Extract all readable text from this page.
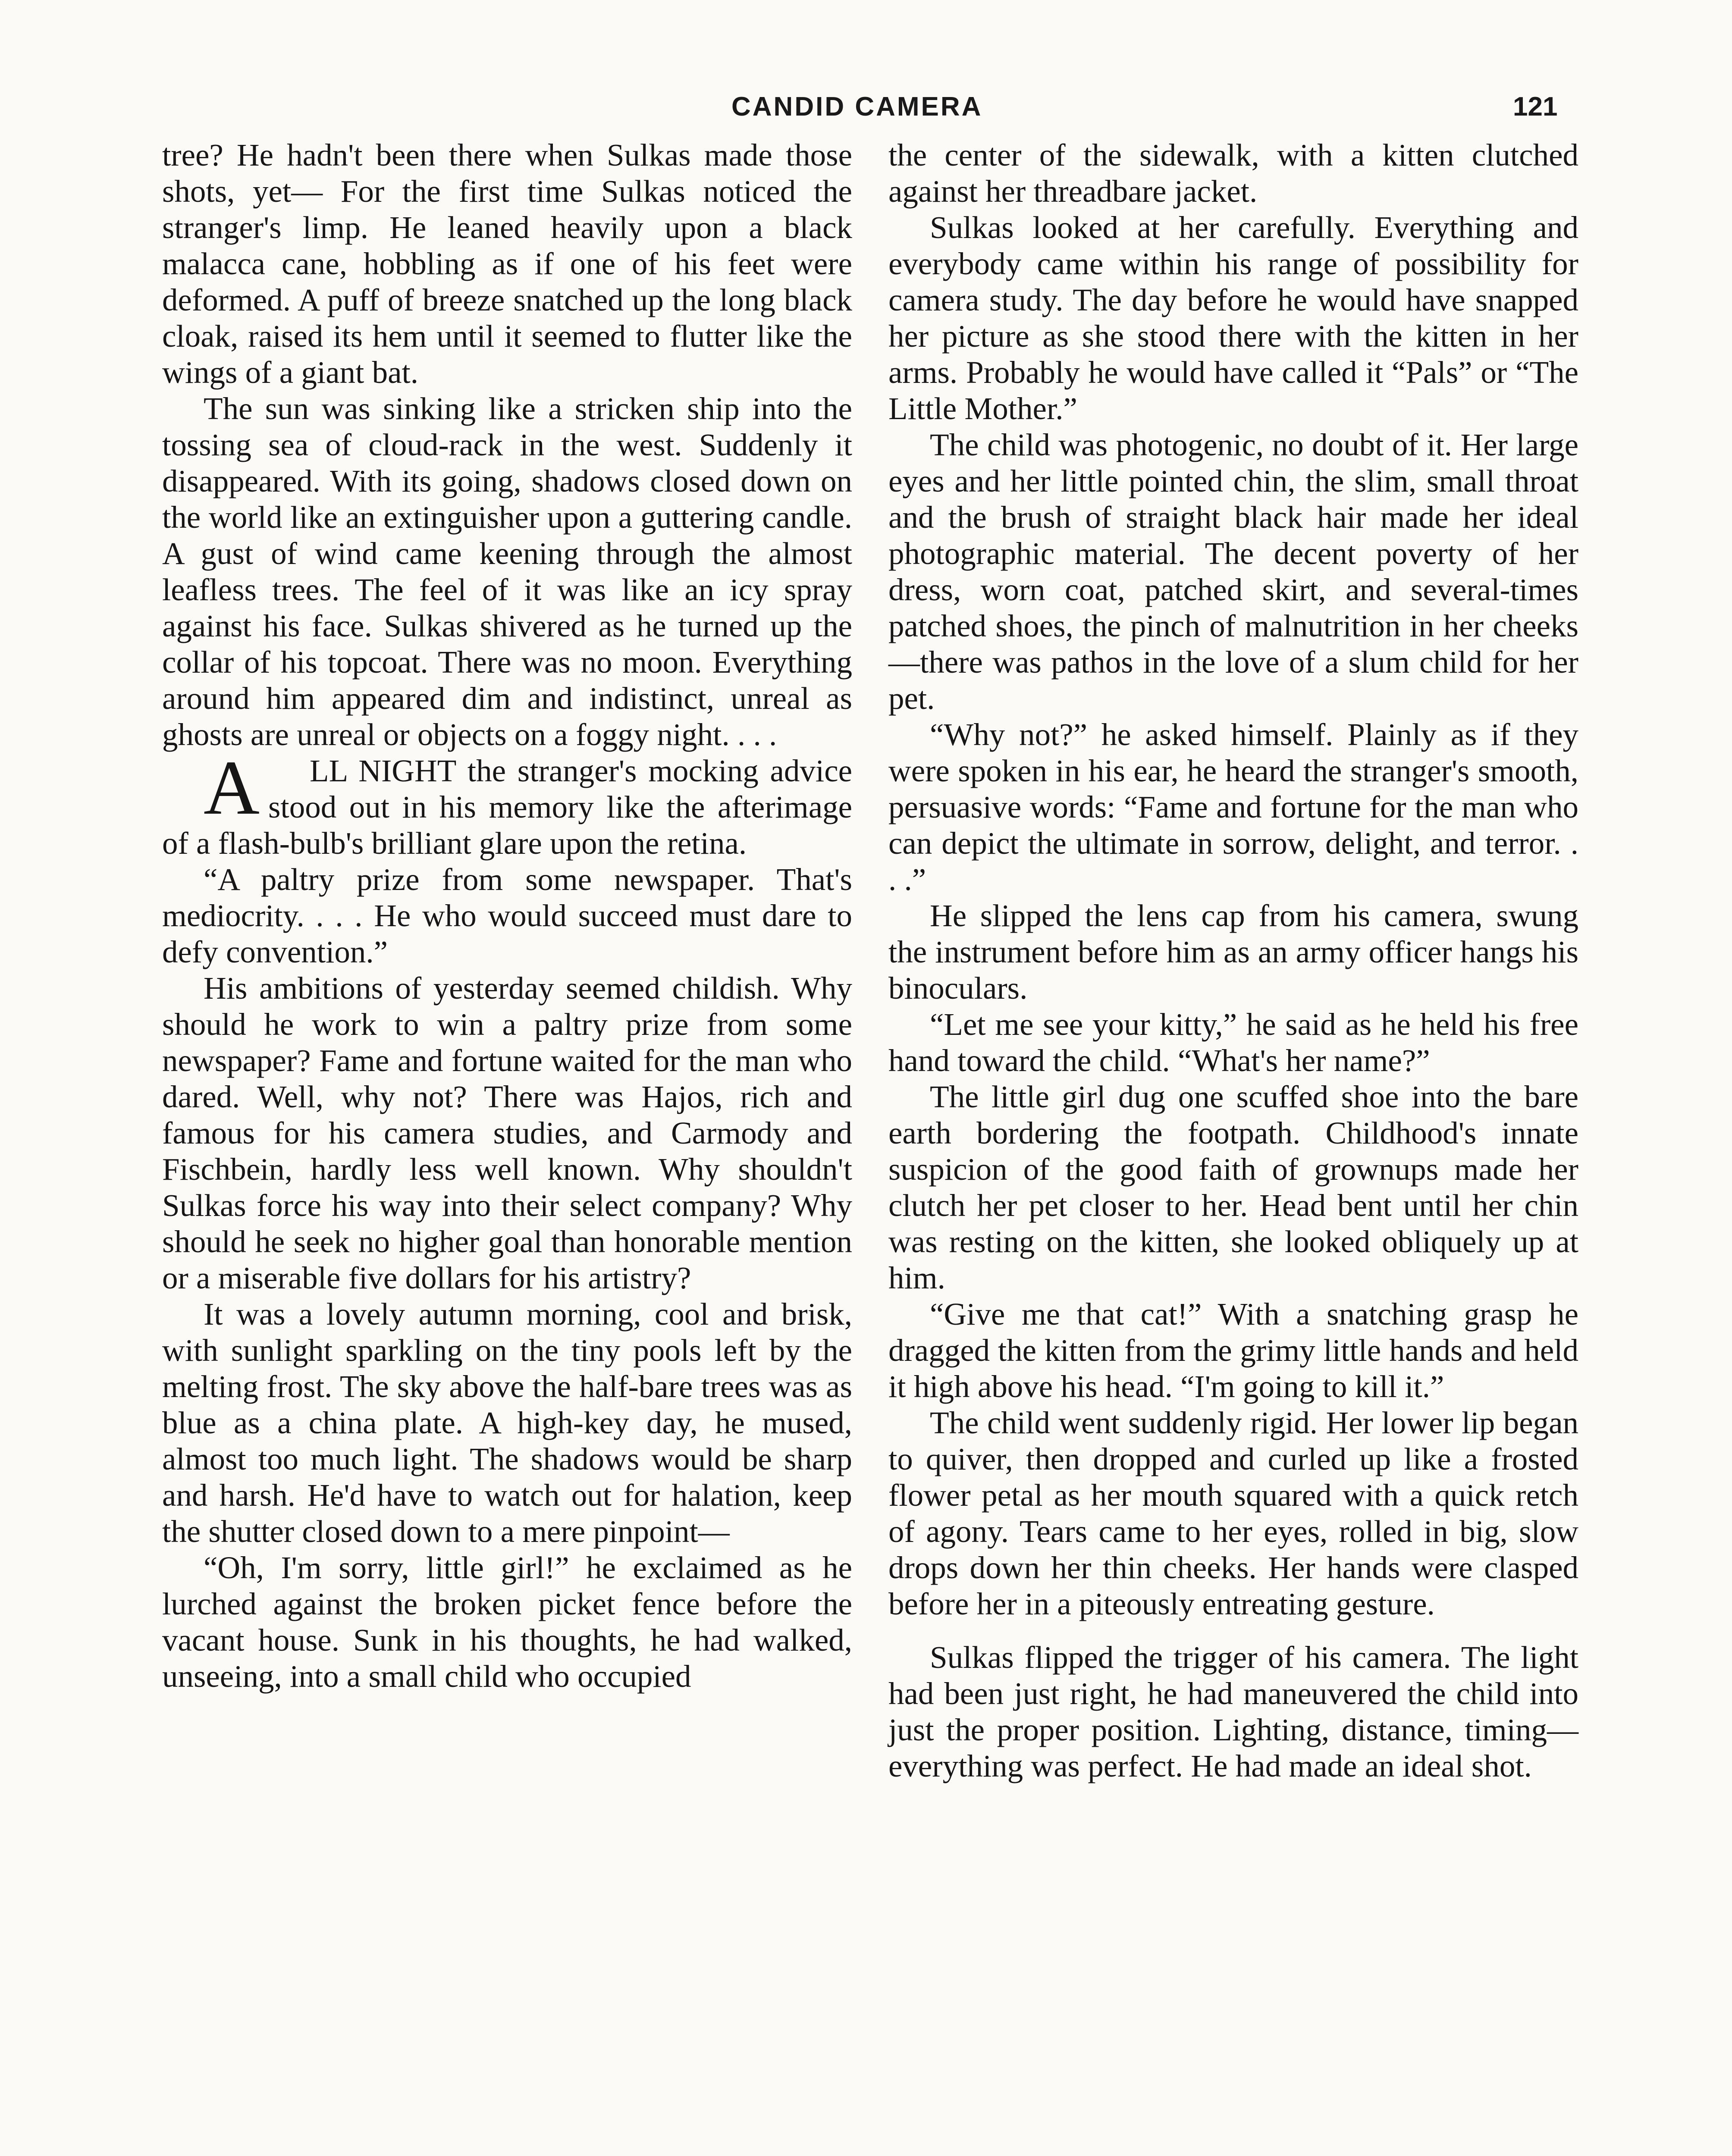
CANDID CAMERA	121

tree? He hadn't been there when Sulkas made those shots, yet— For the first time Sulkas noticed the stranger's limp. He leaned heavily upon a black malacca cane, hobbling as if one of his feet were deformed. A puff of breeze snatched up the long black cloak, raised its hem until it seemed to flutter like the wings of a giant bat.

The sun was sinking like a stricken ship into the tossing sea of cloud-rack in the west. Suddenly it disappeared. With its going, shadows closed down on the world like an extinguisher upon a guttering candle. A gust of wind came keening through the almost leafless trees. The feel of it was like an icy spray against his face. Sulkas shivered as he turned up the collar of his topcoat. There was no moon. Everything around him appeared dim and indistinct, unreal as ghosts are unreal or objects on a foggy night. . . .

A LL NIGHT the stranger's mocking advice stood out in his memory like the afterimage of a flash-bulb's brilliant glare upon the retina.

“A paltry prize from some newspaper. That's mediocrity. . . . He who would succeed must dare to defy convention.”

His ambitions of yesterday seemed childish. Why should he work to win a paltry prize from some newspaper? Fame and fortune waited for the man who dared. Well, why not? There was Hajos, rich and famous for his camera studies, and Carmody and Fischbein, hardly less well known. Why shouldn't Sulkas force his way into their select company? Why should he seek no higher goal than honorable mention or a miserable five dollars for his artistry?

It was a lovely autumn morning, cool and brisk, with sunlight sparkling on the tiny pools left by the melting frost. The sky above the half-bare trees was as blue as a china plate. A high-key day, he mused, almost too much light. The shadows would be sharp and harsh. He'd have to watch out for halation, keep the shutter closed down to a mere pinpoint—

“Oh, I'm sorry, little girl!” he exclaimed as he lurched against the broken picket fence before the vacant house. Sunk in his thoughts, he had walked, unseeing, into a small child who occupied

the center of the sidewalk, with a kitten clutched against her threadbare jacket.

Sulkas looked at her carefully. Everything and everybody came within his range of possibility for camera study. The day before he would have snapped her picture as she stood there with the kitten in her arms. Probably he would have called it “Pals” or “The Little Mother.”

The child was photogenic, no doubt of it. Her large eyes and her little pointed chin, the slim, small throat and the brush of straight black hair made her ideal photographic material. The decent poverty of her dress, worn coat, patched skirt, and several-times patched shoes, the pinch of malnutrition in her cheeks —there was pathos in the love of a slum child for her pet.

“Why not?” he asked himself. Plainly as if they were spoken in his ear, he heard the stranger's smooth, persuasive words: “Fame and fortune for the man who can depict the ultimate in sorrow, delight, and terror. . . .”

He slipped the lens cap from his camera, swung the instrument before him as an army officer hangs his binoculars.

“Let me see your kitty,” he said as he held his free hand toward the child. “What's her name?”

The little girl dug one scuffed shoe into the bare earth bordering the footpath. Childhood's innate suspicion of the good faith of grownups made her clutch her pet closer to her. Head bent until her chin was resting on the kitten, she looked obliquely up at him.

“Give me that cat!” With a snatching grasp he dragged the kitten from the grimy little hands and held it high above his head. “I'm going to kill it.”

The child went suddenly rigid. Her lower lip began to quiver, then dropped and curled up like a frosted flower petal as her mouth squared with a quick retch of agony. Tears came to her eyes, rolled in big, slow drops down her thin cheeks. Her hands were clasped before her in a piteously entreating gesture.

Sulkas flipped the trigger of his camera. The light had been just right, he had maneuvered the child into just the proper position. Lighting, distance, timing—everything was perfect. He had made an ideal shot.
